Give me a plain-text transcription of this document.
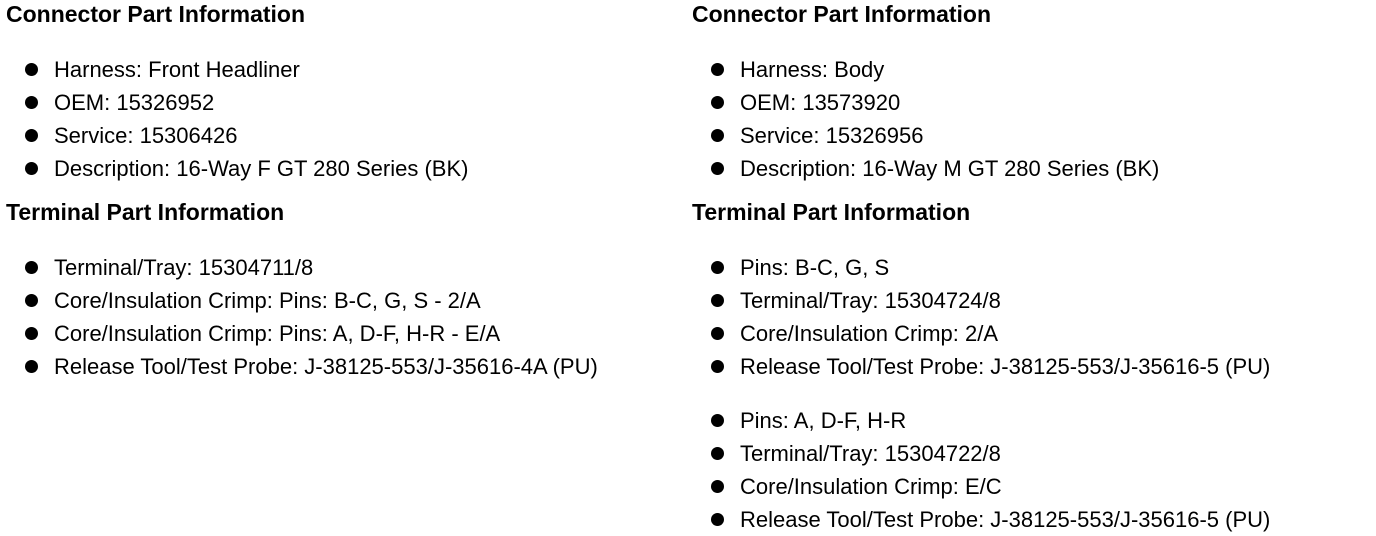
Connector Part Information
Harness: Front Headliner
OEM: 15326952
Service: 15306426
Description: 16-Way F GT 280 Series (BK)
Terminal Part Information
Terminal/Tray: 15304711/8
Core/Insulation Crimp: Pins: B-C, G, S - 2/A
Core/Insulation Crimp: Pins: A, D-F, H-R - E/A
Release Tool/Test Probe: J-38125-553/J-35616-4A (PU)
Connector Part Information
Harness: Body
OEM: 13573920
Service: 15326956
Description: 16-Way M GT 280 Series (BK)
Terminal Part Information
Pins: B-C, G, S
Terminal/Tray: 15304724/8
Core/Insulation Crimp: 2/A
Release Tool/Test Probe: J-38125-553/J-35616-5 (PU)
Pins: A, D-F, H-R
Terminal/Tray: 15304722/8
Core/Insulation Crimp: E/C
Release Tool/Test Probe: J-38125-553/J-35616-5 (PU)
